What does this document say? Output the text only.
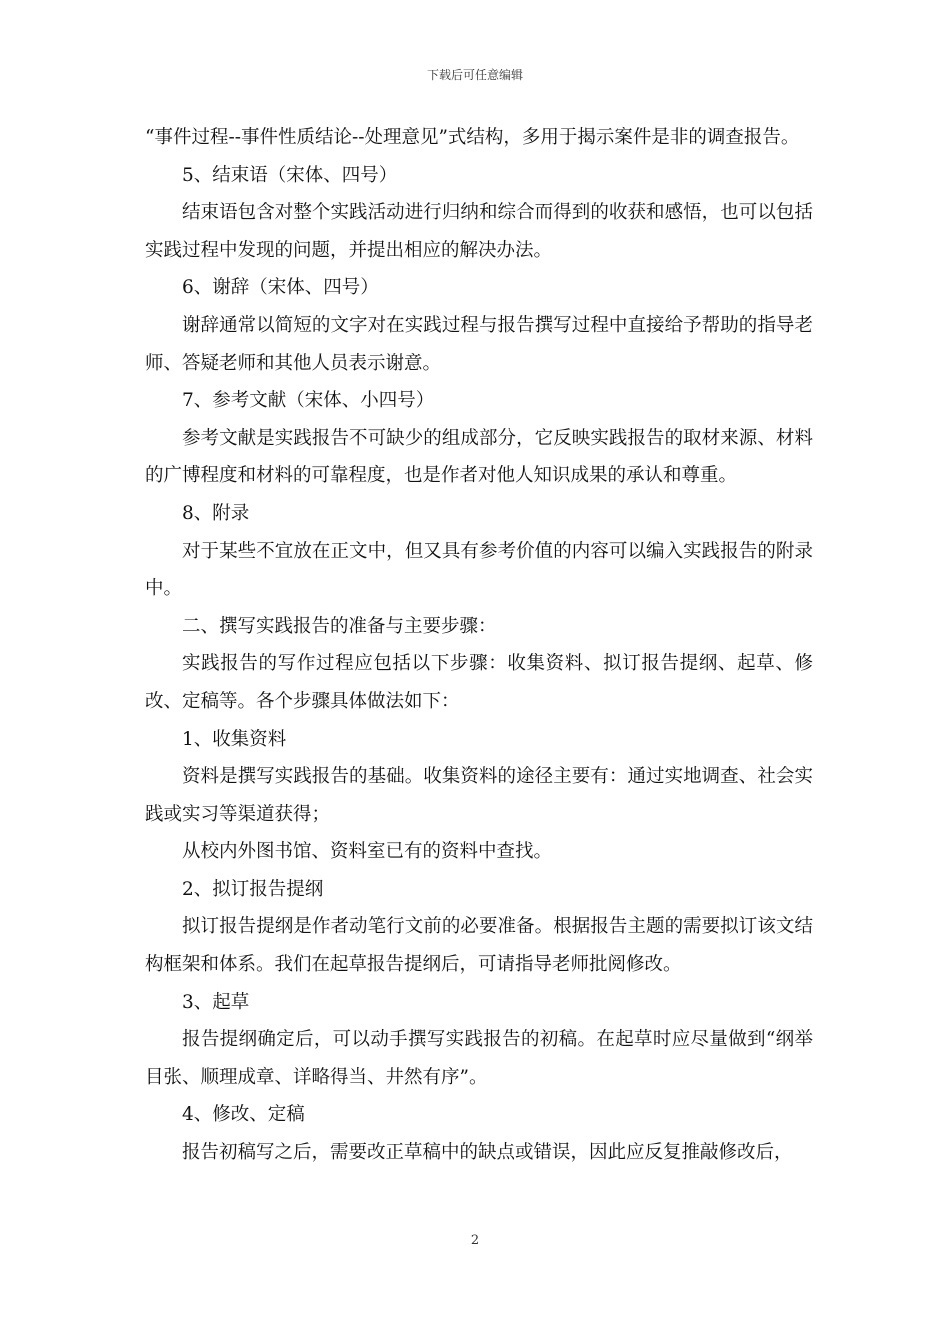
下载后可任意编辑

“事件过程--事件性质结论--处理意见”式结构，多用于揭示案件是非的调查报告。

5、结束语（宋体、四号）

结束语包含对整个实践活动进行归纳和综合而得到的收获和感悟，也可以包括实践过程中发现的问题，并提出相应的解决办法。

6、谢辞（宋体、四号）

谢辞通常以简短的文字对在实践过程与报告撰写过程中直接给予帮助的指导老师、答疑老师和其他人员表示谢意。

7、参考文献（宋体、小四号）

参考文献是实践报告不可缺少的组成部分，它反映实践报告的取材来源、材料的广博程度和材料的可靠程度，也是作者对他人知识成果的承认和尊重。

8、附录

对于某些不宜放在正文中，但又具有参考价值的内容可以编入实践报告的附录中。

二、撰写实践报告的准备与主要步骤：

实践报告的写作过程应包括以下步骤：收集资料、拟订报告提纲、起草、修改、定稿等。各个步骤具体做法如下：

1、收集资料

资料是撰写实践报告的基础。收集资料的途径主要有：通过实地调查、社会实践或实习等渠道获得；

从校内外图书馆、资料室已有的资料中查找。

2、拟订报告提纲

拟订报告提纲是作者动笔行文前的必要准备。根据报告主题的需要拟订该文结构框架和体系。我们在起草报告提纲后，可请指导老师批阅修改。

3、起草

报告提纲确定后，可以动手撰写实践报告的初稿。在起草时应尽量做到“纲举目张、顺理成章、详略得当、井然有序”。

4、修改、定稿

报告初稿写之后，需要改正草稿中的缺点或错误，因此应反复推敲修改后，

2
